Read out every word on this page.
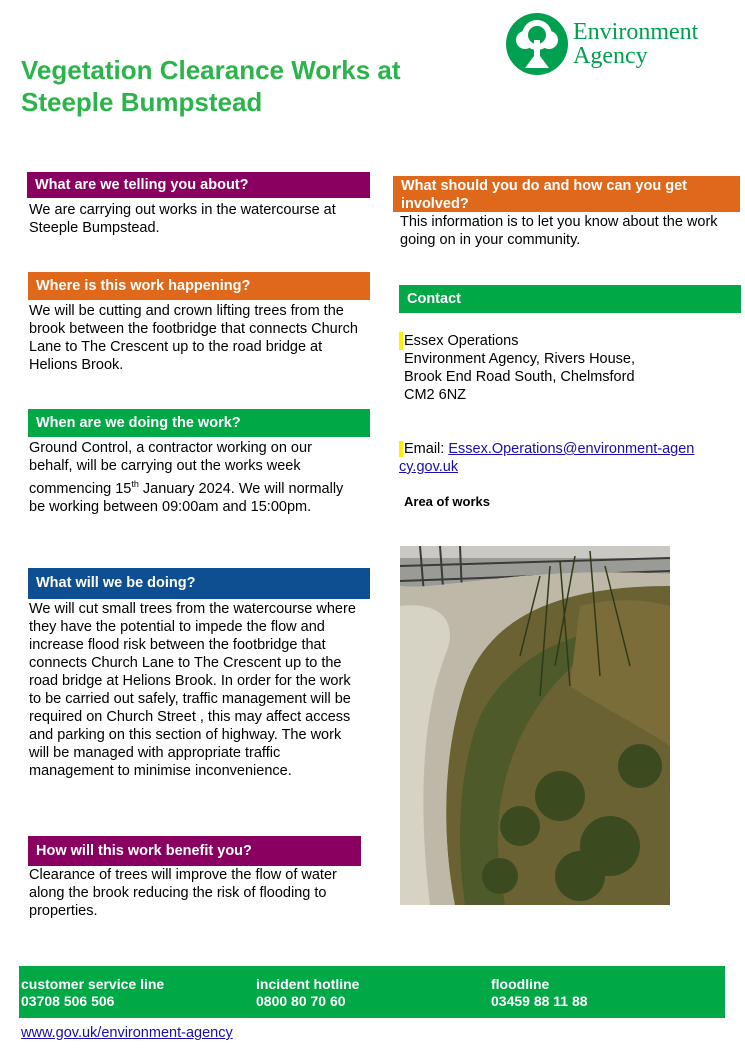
Vegetation Clearance Works at Steeple Bumpstead
Environment
Agency
What are we telling you about?
We are carrying out works in the watercourse at Steeple Bumpstead.
Where is this work happening?
We will be cutting and crown lifting trees from the brook between the footbridge that connects Church Lane to The Crescent up to the road bridge at Helions Brook.
When are we doing the work?
Ground Control, a contractor working on our behalf, will be carrying out the works week commencing 15th January 2024. We will normally be working between 09:00am and 15:00pm.
What will we be doing?
We will cut small trees from the watercourse where they have the potential to impede the flow and increase flood risk between the footbridge that connects Church Lane to The Crescent up to the road bridge at Helions Brook. In order for the work to be carried out safely, traffic management will be required on Church Street , this may affect access and parking on this section of highway. The work will be managed with appropriate traffic management to minimise inconvenience.
How will this work benefit you?
Clearance of trees will improve the flow of water along the brook reducing the risk of flooding to properties.
What should you do and how can you get involved?
This information is to let you know about the work going on in your community.
Contact
Essex Operations
Environment Agency, Rivers House,
Brook End Road South, Chelmsford
CM2 6NZ
Email: Essex.Operations@environment-agency.gov.uk
Area of works
customer service line
03708 506 506
incident hotline
0800 80 70 60
floodline
03459 88 11 88
www.gov.uk/environment-agency
